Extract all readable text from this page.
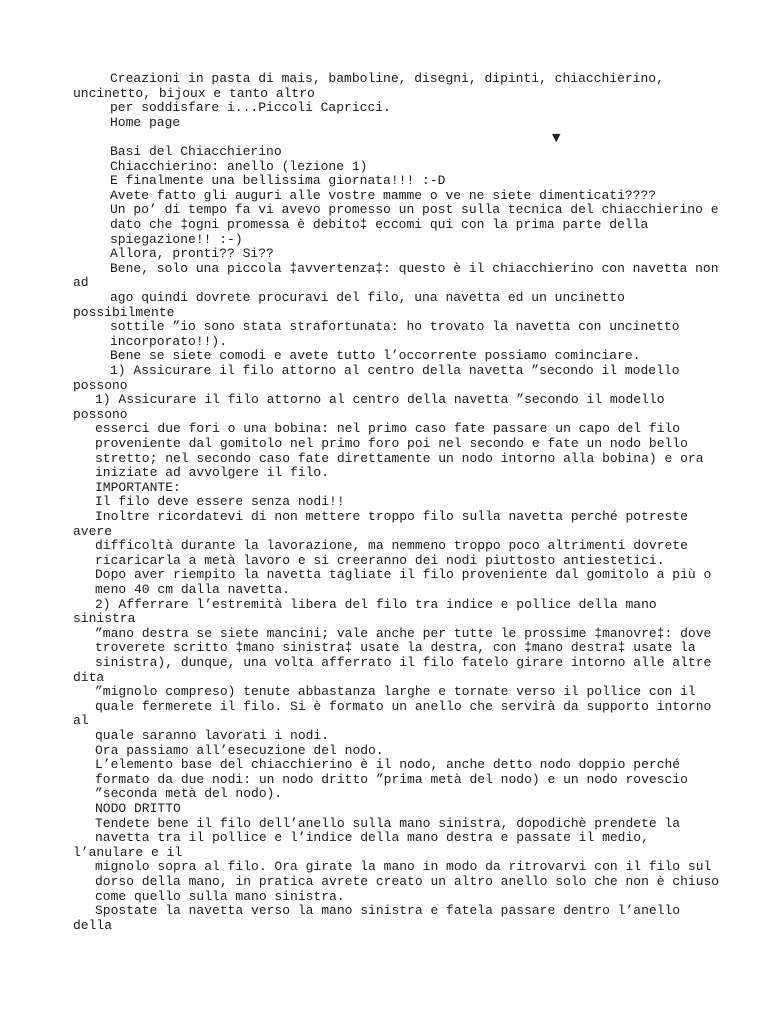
▼
Creazioni in pasta di mais, bamboline, disegni, dipinti, chiacchierino,
uncinetto, bijoux e tanto altro
per soddisfare i...Piccoli Capricci.
Home page
Basi del Chiacchierino
Chiacchierino: anello (lezione 1)
E finalmente una bellissima giornata!!! :-D
Avete fatto gli auguri alle vostre mamme o ve ne siete dimenticati????
Un po’ di tempo fa vi avevo promesso un post sulla tecnica del chiacchierino e
dato che ‡ogni promessa è debito‡ eccomi qui con la prima parte della
spiegazione!! :-)
Allora, pronti?? Si??
Bene, solo una piccola ‡avvertenza‡: questo è il chiacchierino con navetta non
ad
ago quindi dovrete procuravi del filo, una navetta ed un uncinetto
possibilmente
sottile ”io sono stata strafortunata: ho trovato la navetta con uncinetto
incorporato!!).
Bene se siete comodi e avete tutto l’occorrente possiamo cominciare.
1) Assicurare il filo attorno al centro della navetta ”secondo il modello
possono
1) Assicurare il filo attorno al centro della navetta ”secondo il modello
possono
esserci due fori o una bobina: nel primo caso fate passare un capo del filo
proveniente dal gomitolo nel primo foro poi nel secondo e fate un nodo bello
stretto; nel secondo caso fate direttamente un nodo intorno alla bobina) e ora
iniziate ad avvolgere il filo.
IMPORTANTE:
Il filo deve essere senza nodi!!
Inoltre ricordatevi di non mettere troppo filo sulla navetta perché potreste
avere
difficoltà durante la lavorazione, ma nemmeno troppo poco altrimenti dovrete
ricaricarla a metà lavoro e si creeranno dei nodi piuttosto antiestetici.
Dopo aver riempito la navetta tagliate il filo proveniente dal gomitolo a più o
meno 40 cm dalla navetta.
2) Afferrare l’estremità libera del filo tra indice e pollice della mano
sinistra
”mano destra se siete mancini; vale anche per tutte le prossime ‡manovre‡: dove
troverete scritto ‡mano sinistra‡ usate la destra, con ‡mano destra‡ usate la
sinistra), dunque, una volta afferrato il filo fatelo girare intorno alle altre
dita
”mignolo compreso) tenute abbastanza larghe e tornate verso il pollice con il
quale fermerete il filo. Si è formato un anello che servirà da supporto intorno
al
quale saranno lavorati i nodi.
Ora passiamo all’esecuzione del nodo.
L’elemento base del chiacchierino è il nodo, anche detto nodo doppio perché
formato da due nodi: un nodo dritto ”prima metà del nodo) e un nodo rovescio
”seconda metà del nodo).
NODO DRITTO
Tendete bene il filo dell’anello sulla mano sinistra, dopodichè prendete la
navetta tra il pollice e l’indice della mano destra e passate il medio,
l’anulare e il
mignolo sopra al filo. Ora girate la mano in modo da ritrovarvi con il filo sul
dorso della mano, in pratica avrete creato un altro anello solo che non è chiuso
come quello sulla mano sinistra.
Spostate la navetta verso la mano sinistra e fatela passare dentro l’anello
della
